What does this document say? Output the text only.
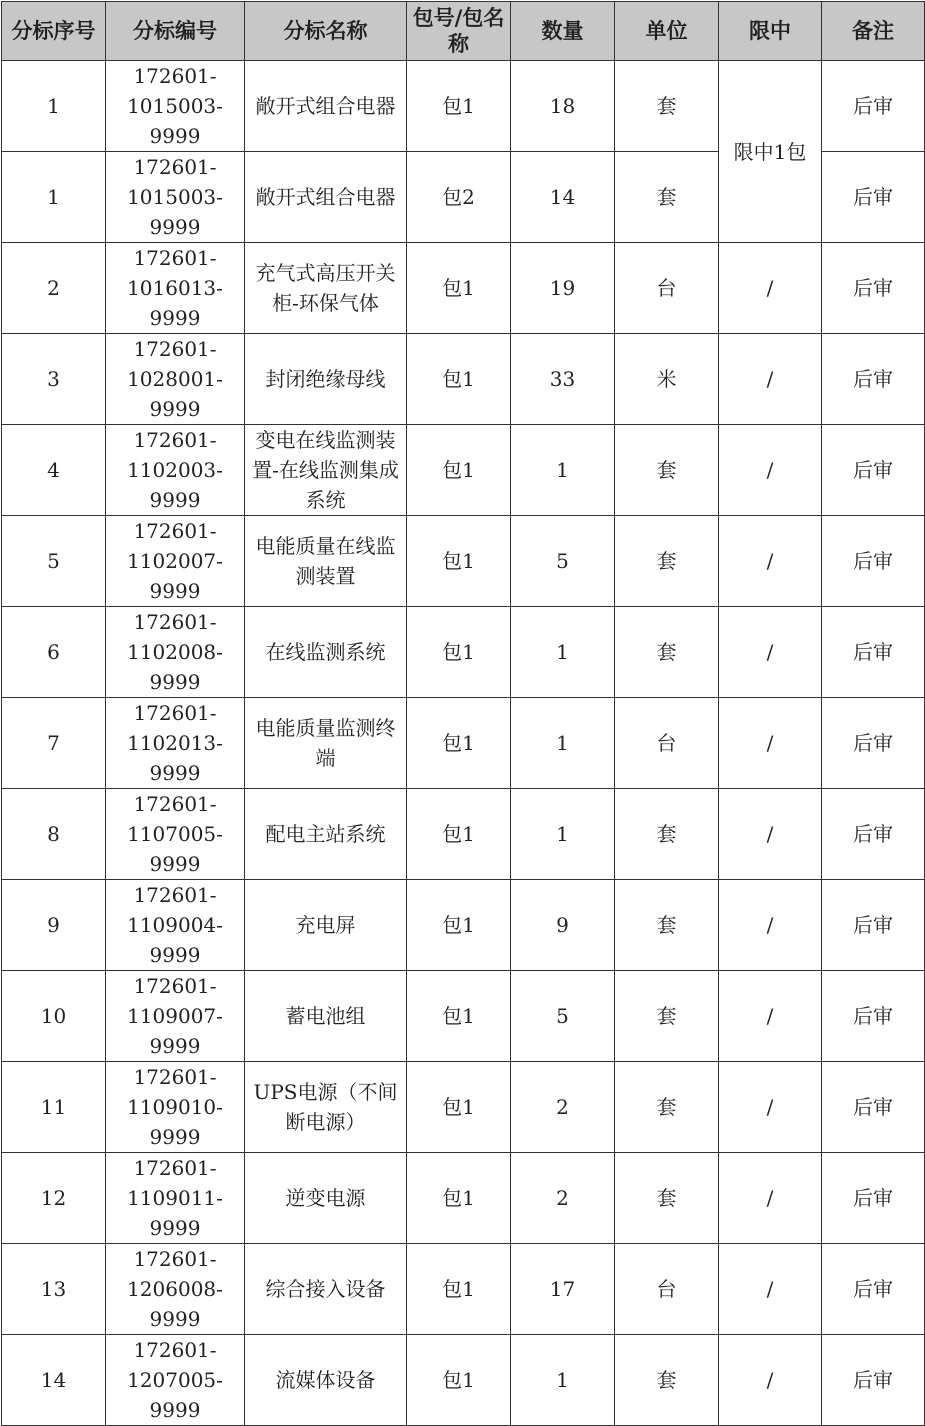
分标序号	分标编号	分标名称	包号/包名称	数量	单位	限中	备注
1	172601-1015003-9999	敞开式组合电器	包1	18	套	限中1包	后审
1	172601-1015003-9999	敞开式组合电器	包2	14	套		后审
2	172601-1016013-9999	充气式高压开关柜-环保气体	包1	19	台	/	后审
3	172601-1028001-9999	封闭绝缘母线	包1	33	米	/	后审
4	172601-1102003-9999	变电在线监测装置-在线监测集成系统	包1	1	套	/	后审
5	172601-1102007-9999	电能质量在线监测装置	包1	5	套	/	后审
6	172601-1102008-9999	在线监测系统	包1	1	套	/	后审
7	172601-1102013-9999	电能质量监测终端	包1	1	台	/	后审
8	172601-1107005-9999	配电主站系统	包1	1	套	/	后审
9	172601-1109004-9999	充电屏	包1	9	套	/	后审
10	172601-1109007-9999	蓄电池组	包1	5	套	/	后审
11	172601-1109010-9999	UPS电源（不间断电源）	包1	2	套	/	后审
12	172601-1109011-9999	逆变电源	包1	2	套	/	后审
13	172601-1206008-9999	综合接入设备	包1	17	台	/	后审
14	172601-1207005-9999	流媒体设备	包1	1	套	/	后审
